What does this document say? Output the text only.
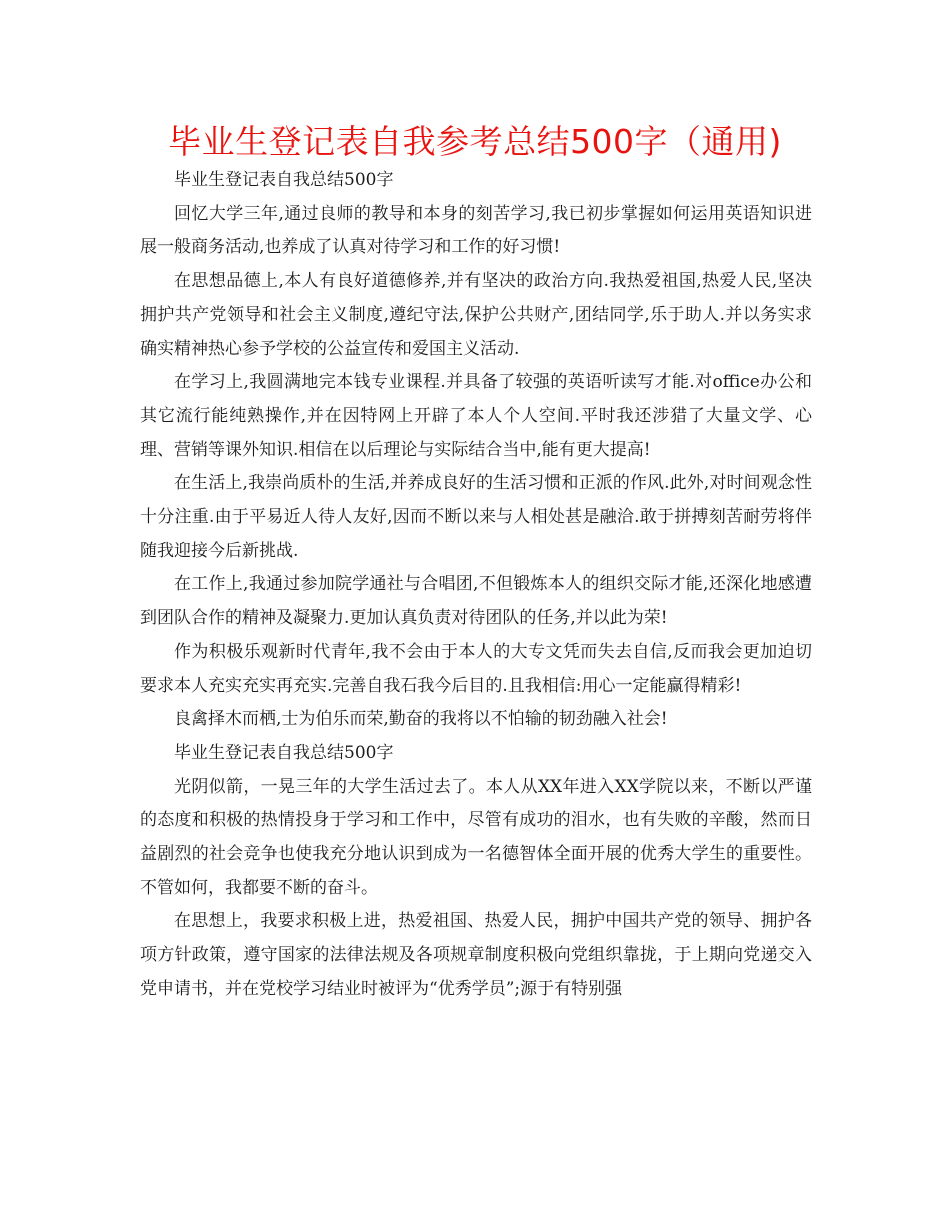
毕业生登记表自我参考总结500字（通用)

毕业生登记表自我总结500字

回忆大学三年,通过良师的教导和本身的刻苦学习,我已初步掌握如何运用英语知识进展一般商务活动,也养成了认真对待学习和工作的好习惯!

在思想品德上,本人有良好道德修养,并有坚决的政治方向.我热爱祖国,热爱人民,坚决拥护共产党领导和社会主义制度,遵纪守法,保护公共财产,团结同学,乐于助人.并以务实求确实精神热心参予学校的公益宣传和爱国主义活动.

在学习上,我圆满地完本钱专业课程.并具备了较强的英语听读写才能.对office办公和其它流行能纯熟操作,并在因特网上开辟了本人个人空间.平时我还涉猎了大量文学、心理、营销等课外知识.相信在以后理论与实际结合当中,能有更大提高!

在生活上,我崇尚质朴的生活,并养成良好的生活习惯和正派的作风.此外,对时间观念性十分注重.由于平易近人待人友好,因而不断以来与人相处甚是融洽.敢于拼搏刻苦耐劳将伴随我迎接今后新挑战.

在工作上,我通过参加院学通社与合唱团,不但锻炼本人的组织交际才能,还深化地感遭到团队合作的精神及凝聚力.更加认真负责对待团队的任务,并以此为荣!

作为积极乐观新时代青年,我不会由于本人的大专文凭而失去自信,反而我会更加迫切要求本人充实充实再充实.完善自我石我今后目的.且我相信:用心一定能赢得精彩!

良禽择木而栖,士为伯乐而荣,勤奋的我将以不怕输的韧劲融入社会!

毕业生登记表自我总结500字

光阴似箭，一晃三年的大学生活过去了。本人从XX年进入XX学院以来，不断以严谨的态度和积极的热情投身于学习和工作中，尽管有成功的泪水，也有失败的辛酸，然而日益剧烈的社会竞争也使我充分地认识到成为一名德智体全面开展的优秀大学生的重要性。不管如何，我都要不断的奋斗。

在思想上，我要求积极上进，热爱祖国、热爱人民，拥护中国共产党的领导、拥护各项方针政策，遵守国家的法律法规及各项规章制度积极向党组织靠拢，于上期向党递交入党申请书，并在党校学习结业时被评为“优秀学员”;源于有特别强
